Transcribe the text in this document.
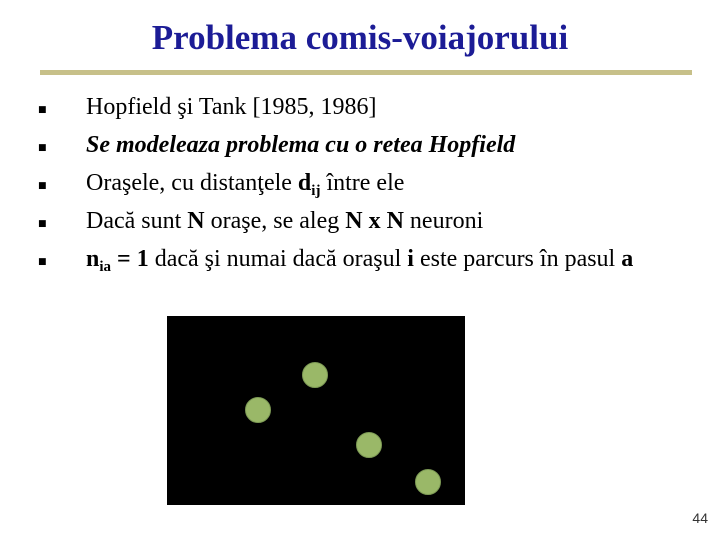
Problema comis-voiajorului
■
Hopfield şi Tank [1985, 1986]
■
Se modeleaza problema cu o retea Hopfield
■
Oraşele, cu distanţele $d_{ij}$ între ele
■
Dacă sunt N oraşe, se aleg N x N neuroni
■
$n_{ia} = 1$ dacă şi numai dacă oraşul i este parcurs în pasul a
44
